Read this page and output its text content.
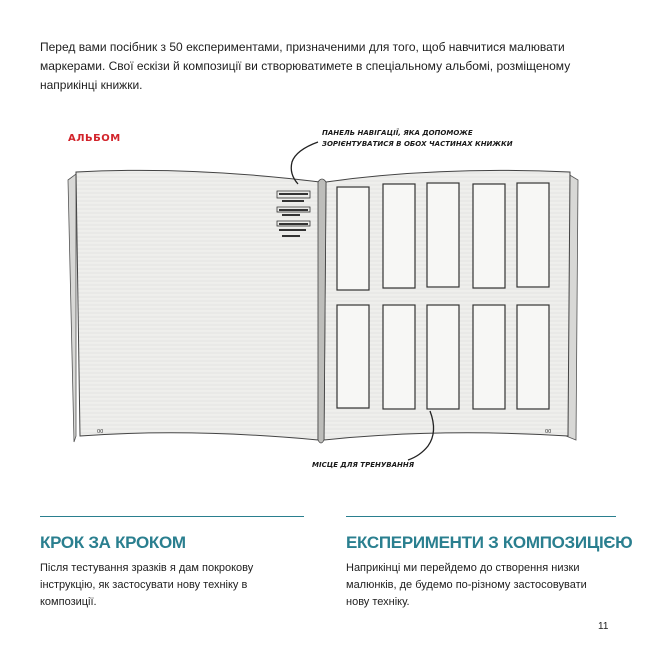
Перед вами посібник з 50 експериментами, призначеними для того, щоб навчитися малювати маркерами. Свої ескізи й композиції ви створюватимете в спеціальному альбомі, розміщеному наприкінці книжки.

00	00
АЛЬБОМ	ПАНЕЛЬ НАВІГАЦІЇ, ЯКА ДОПОМОЖЕ ЗОРІЄНТУВАТИСЯ В ОБОХ ЧАСТИНАХ КНИЖКИ
МІСЦЕ ДЛЯ ТРЕНУВАННЯ
КРОК ЗА КРОКОМ

Після тестування зразків я дам покрокову інструкцію, як застосувати нову техніку в композиції.

ЕКСПЕРИМЕНТИ З КОМПОЗИЦІЄЮ

Наприкінці ми перейдемо до створення низки малюнків, де будемо по-різному застосовувати нову техніку.

11
